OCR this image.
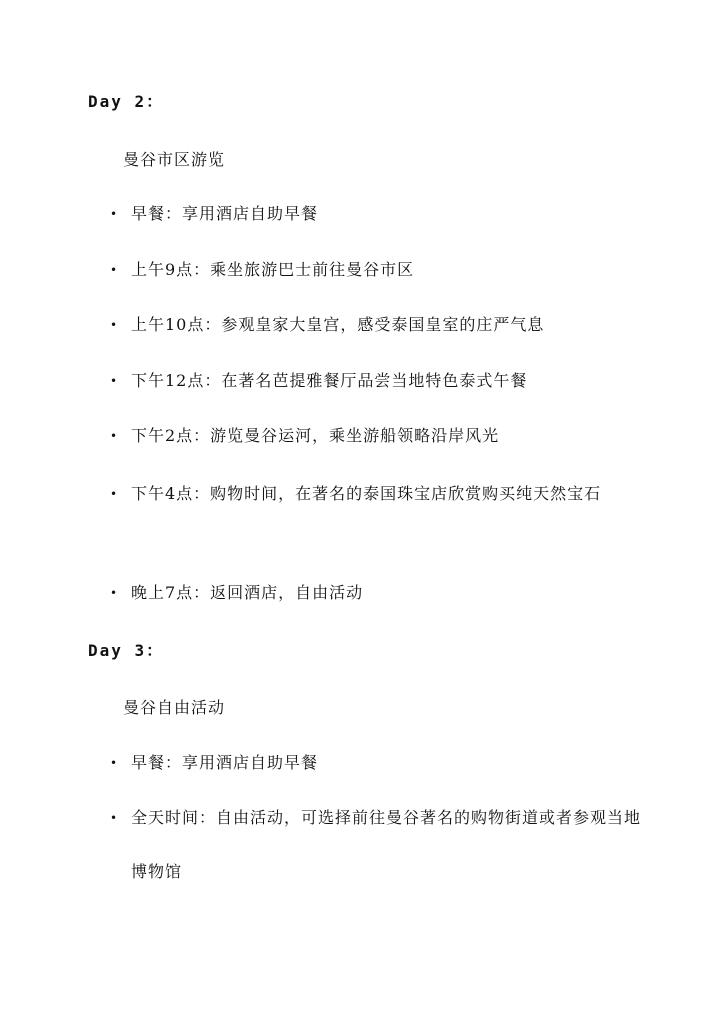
Day 2：
曼谷市区游览
• 早餐：享用酒店自助早餐
• 上午9点：乘坐旅游巴士前往曼谷市区
• 上午10点：参观皇家大皇宫，感受泰国皇室的庄严气息
• 下午12点：在著名芭提雅餐厅品尝当地特色泰式午餐
• 下午2点：游览曼谷运河，乘坐游船领略沿岸风光
• 下午4点：购物时间，在著名的泰国珠宝店欣赏购买纯天然宝石
• 晚上7点：返回酒店，自由活动
Day 3：
曼谷自由活动
• 早餐：享用酒店自助早餐
• 全天时间：自由活动，可选择前往曼谷著名的购物街道或者参观当地博物馆
